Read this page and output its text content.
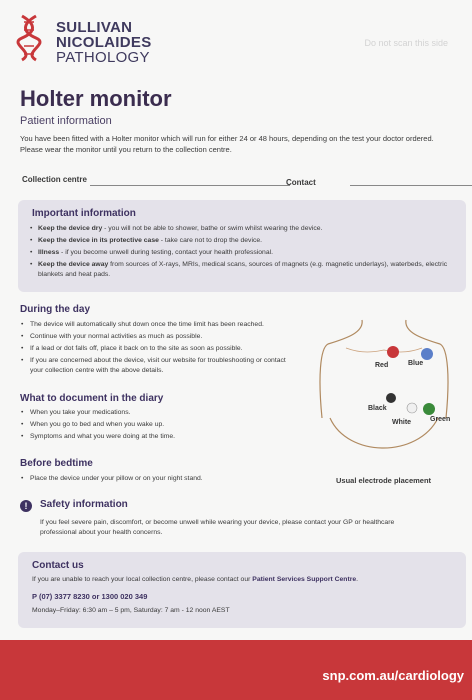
SULLIVAN
NICOLAIDES
PATHOLOGY
Do not scan this side
Holter monitor
Patient information
You have been fitted with a Holter monitor which will run for either 24 or 48 hours, depending on the test your doctor ordered. Please wear the monitor until you return to the collection centre.
Collection centre	Contact
Important information
• Keep the device dry - you will not be able to shower, bathe or swim whilst wearing the device.
• Keep the device in its protective case - take care not to drop the device.
• Illness - if you become unwell during testing, contact your health professional.
• Keep the device away from sources of X-rays, MRIs, medical scans, sources of magnets (e.g. magnetic underlays), waterbeds, electric blankets and heat pads.
During the day
• The device will automatically shut down once the time limit has been reached.
• Continue with your normal activities as much as possible.
• If a lead or dot falls off, place it back on to the site as soon as possible.
• If you are concerned about the device, visit our website for troubleshooting or contact your collection centre with the above details.
What to document in the diary
• When you take your medications.
• When you go to bed and when you wake up.
• Symptoms and what you were doing at the time.
Before bedtime
• Place the device under your pillow or on your night stand.
Red	Blue
Black
White	Green
Usual electrode placement
!	Safety information

If you feel severe pain, discomfort, or become unwell while wearing your device, please contact your GP or healthcare professional about your health concerns.

Contact us
If you are unable to reach your local collection centre, please contact our Patient Services Support Centre.
P (07) 3377 8230 or 1300 020 349
Monday–Friday: 6:30 am – 5 pm, Saturday: 7 am - 12 noon AEST
snp.com.au/cardiology
